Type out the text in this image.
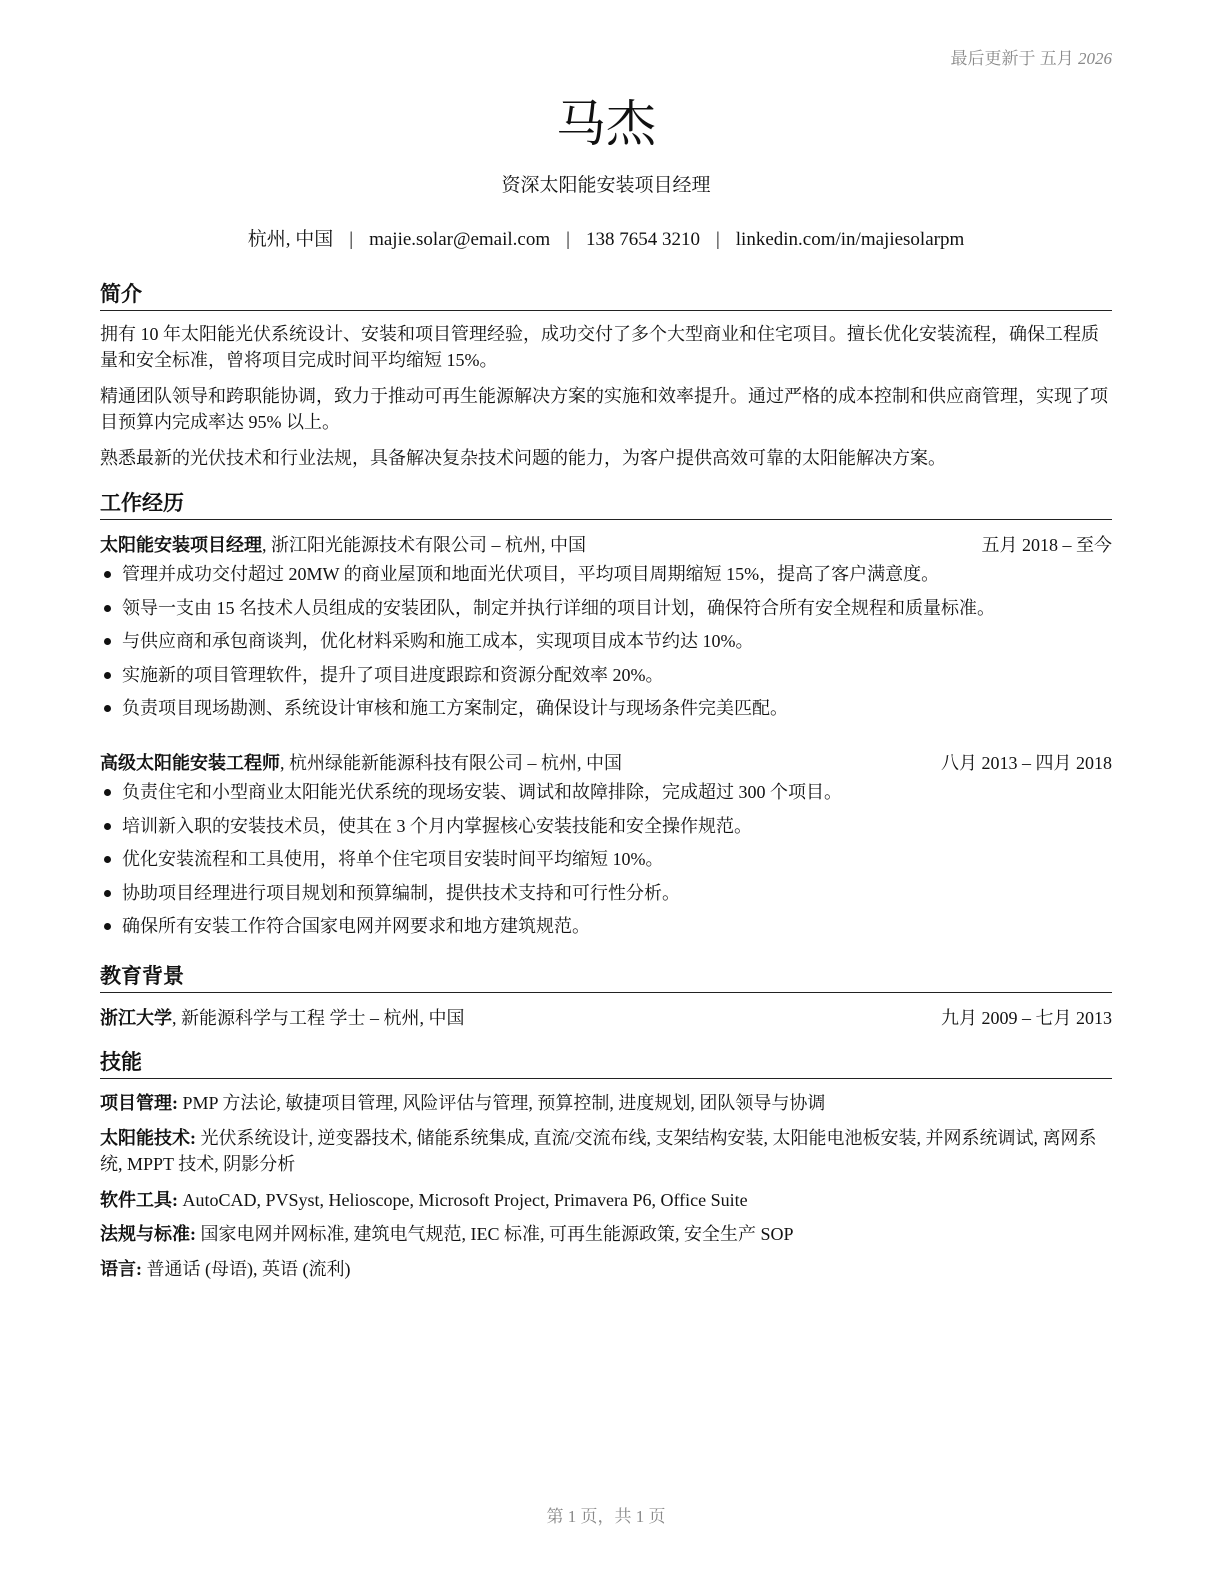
最后更新于 五月 2026
马杰
资深太阳能安装项目经理
杭州, 中国 | majie.solar@email.com | 138 7654 3210 | linkedin.com/in/majiesolarpm
简介
拥有 10 年太阳能光伏系统设计、安装和项目管理经验，成功交付了多个大型商业和住宅项目。擅长优化安装流程，确保工程质量和安全标准，曾将项目完成时间平均缩短 15%。
精通团队领导和跨职能协调，致力于推动可再生能源解决方案的实施和效率提升。通过严格的成本控制和供应商管理，实现了项目预算内完成率达 95% 以上。
熟悉最新的光伏技术和行业法规，具备解决复杂技术问题的能力，为客户提供高效可靠的太阳能解决方案。
工作经历
太阳能安装项目经理, 浙江阳光能源技术有限公司 – 杭州, 中国	五月 2018 – 至今
管理并成功交付超过 20MW 的商业屋顶和地面光伏项目，平均项目周期缩短 15%，提高了客户满意度。
领导一支由 15 名技术人员组成的安装团队，制定并执行详细的项目计划，确保符合所有安全规程和质量标准。
与供应商和承包商谈判，优化材料采购和施工成本，实现项目成本节约达 10%。
实施新的项目管理软件，提升了项目进度跟踪和资源分配效率 20%。
负责项目现场勘测、系统设计审核和施工方案制定，确保设计与现场条件完美匹配。
高级太阳能安装工程师, 杭州绿能新能源科技有限公司 – 杭州, 中国	八月 2013 – 四月 2018
负责住宅和小型商业太阳能光伏系统的现场安装、调试和故障排除，完成超过 300 个项目。
培训新入职的安装技术员，使其在 3 个月内掌握核心安装技能和安全操作规范。
优化安装流程和工具使用，将单个住宅项目安装时间平均缩短 10%。
协助项目经理进行项目规划和预算编制，提供技术支持和可行性分析。
确保所有安装工作符合国家电网并网要求和地方建筑规范。
教育背景
浙江大学, 新能源科学与工程 学士 – 杭州, 中国	九月 2009 – 七月 2013
技能
项目管理: PMP 方法论, 敏捷项目管理, 风险评估与管理, 预算控制, 进度规划, 团队领导与协调
太阳能技术: 光伏系统设计, 逆变器技术, 储能系统集成, 直流/交流布线, 支架结构安装, 太阳能电池板安装, 并网系统调试, 离网系统, MPPT 技术, 阴影分析
软件工具: AutoCAD, PVSyst, Helioscope, Microsoft Project, Primavera P6, Office Suite
法规与标准: 国家电网并网标准, 建筑电气规范, IEC 标准, 可再生能源政策, 安全生产 SOP
语言: 普通话 (母语), 英语 (流利)
第 1 页，共 1 页
